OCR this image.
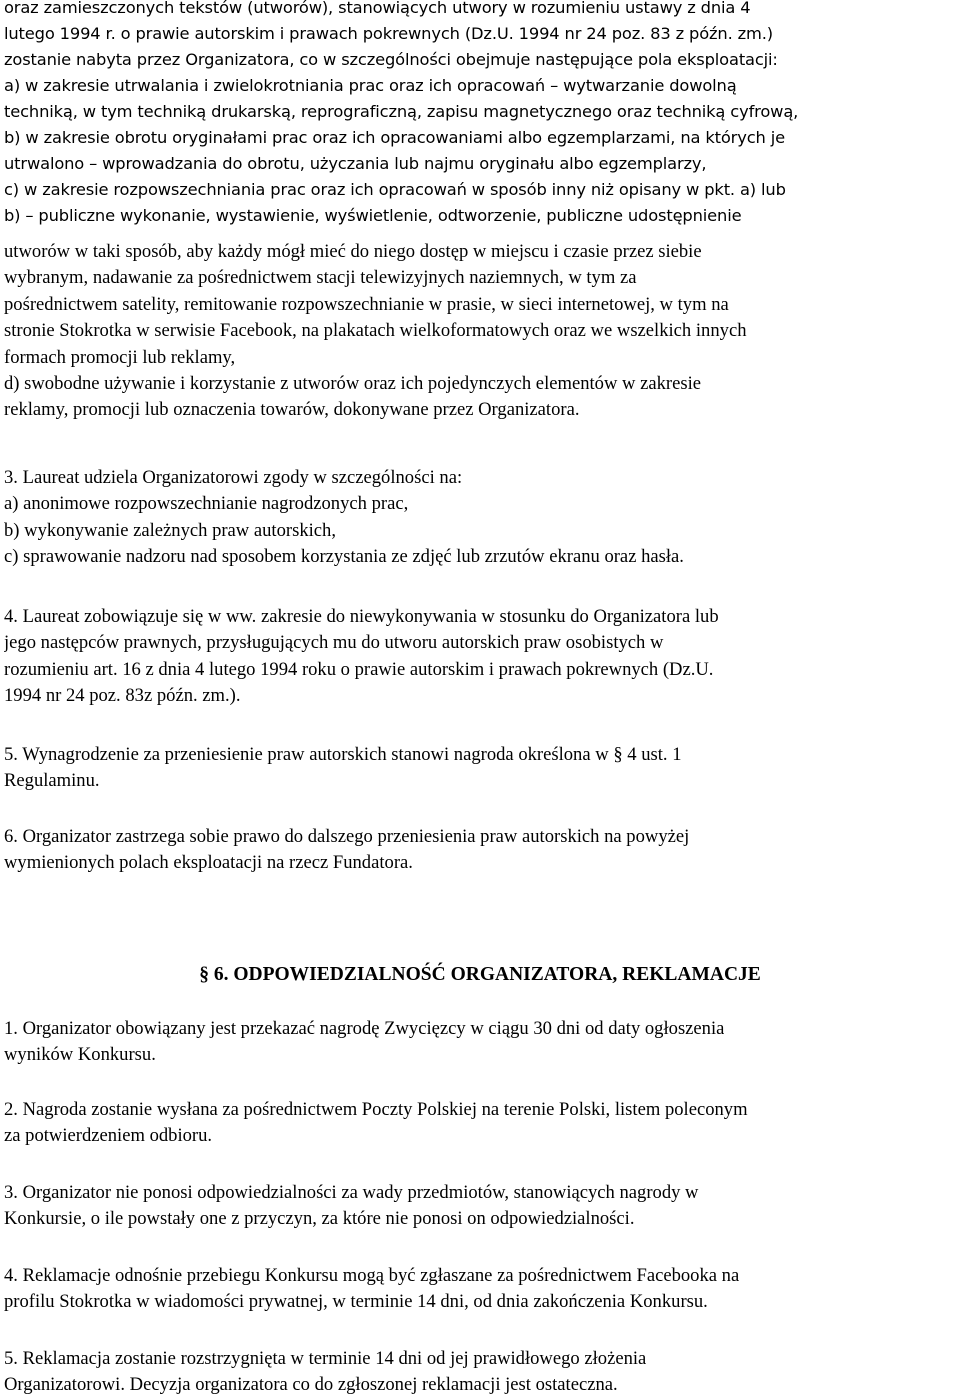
oraz zamieszczonych tekstów (utworów), stanowiących utwory w rozumieniu ustawy z dnia 4
lutego 1994 r. o prawie autorskim i prawach pokrewnych (Dz.U. 1994 nr 24 poz. 83 z późn. zm.)
zostanie nabyta przez Organizatora, co w szczególności obejmuje następujące pola eksploatacji:
a) w zakresie utrwalania i zwielokrotniania prac oraz ich opracowań – wytwarzanie dowolną
techniką, w tym techniką drukarską, reprograficzną, zapisu magnetycznego oraz techniką cyfrową,
b) w zakresie obrotu oryginałami prac oraz ich opracowaniami albo egzemplarzami, na których je
utrwalono – wprowadzania do obrotu, użyczania lub najmu oryginału albo egzemplarzy,
c) w zakresie rozpowszechniania prac oraz ich opracowań w sposób inny niż opisany w pkt. a) lub
b) – publiczne wykonanie, wystawienie, wyświetlenie, odtworzenie, publiczne udostępnienie
utworów w taki sposób, aby każdy mógł mieć do niego dostęp w miejscu i czasie przez siebie
wybranym, nadawanie za pośrednictwem stacji telewizyjnych naziemnych, w tym za
pośrednictwem satelity, remitowanie rozpowszechnianie w prasie, w sieci internetowej, w tym na
stronie Stokrotka w serwisie Facebook, na plakatach wielkoformatowych oraz we wszelkich innych
formach promocji lub reklamy,
d) swobodne używanie i korzystanie z utworów oraz ich pojedynczych elementów w zakresie
reklamy, promocji lub oznaczenia towarów, dokonywane przez Organizatora.
3. Laureat udziela Organizatorowi zgody w szczególności na:
a) anonimowe rozpowszechnianie nagrodzonych prac,
b) wykonywanie zależnych praw autorskich,
c) sprawowanie nadzoru nad sposobem korzystania ze zdjęć lub zrzutów ekranu oraz hasła.
4. Laureat zobowiązuje się w ww. zakresie do niewykonywania w stosunku do Organizatora lub
jego następców prawnych, przysługujących mu do utworu autorskich praw osobistych w
rozumieniu art. 16 z dnia 4 lutego 1994 roku o prawie autorskim i prawach pokrewnych (Dz.U.
1994 nr 24 poz. 83z późn. zm.).
5. Wynagrodzenie za przeniesienie praw autorskich stanowi nagroda określona w § 4 ust. 1
Regulaminu.
6. Organizator zastrzega sobie prawo do dalszego przeniesienia praw autorskich na powyżej
wymienionych polach eksploatacji na rzecz Fundatora.
§ 6. ODPOWIEDZIALNOŚĆ ORGANIZATORA, REKLAMACJE
1. Organizator obowiązany jest przekazać nagrodę Zwycięzcy w ciągu 30 dni od daty ogłoszenia
wyników Konkursu.
2. Nagroda zostanie wysłana za pośrednictwem Poczty Polskiej na terenie Polski, listem poleconym
za potwierdzeniem odbioru.
3. Organizator nie ponosi odpowiedzialności za wady przedmiotów, stanowiących nagrody w
Konkursie, o ile powstały one z przyczyn, za które nie ponosi on odpowiedzialności.
4. Reklamacje odnośnie przebiegu Konkursu mogą być zgłaszane za pośrednictwem Facebooka na
profilu Stokrotka w wiadomości prywatnej, w terminie 14 dni, od dnia zakończenia Konkursu.
5. Reklamacja zostanie rozstrzygnięta w terminie 14 dni od jej prawidłowego złożenia
Organizatorowi. Decyzja organizatora co do zgłoszonej reklamacji jest ostateczna.
